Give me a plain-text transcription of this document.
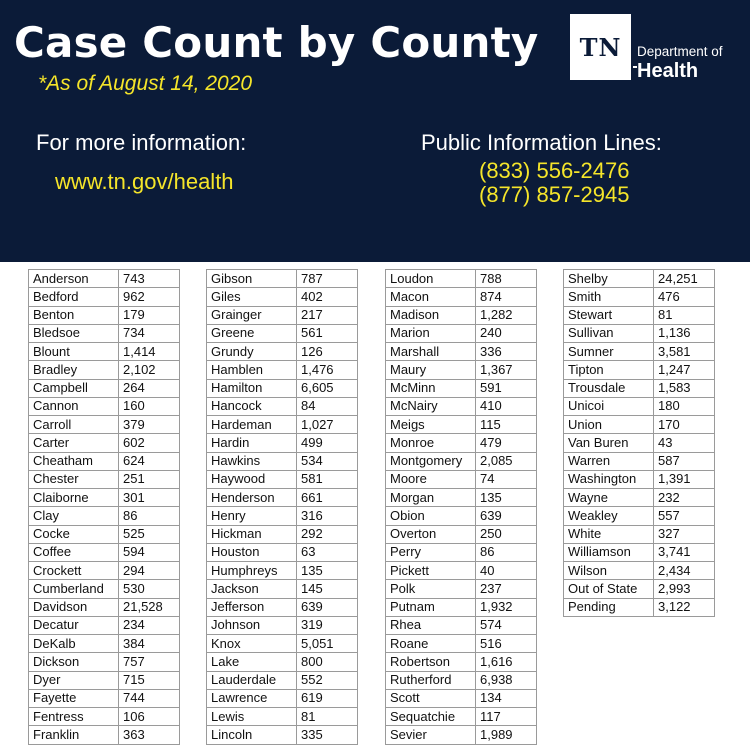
Case Count by County
*As of August 14, 2020
For more information:
www.tn.gov/health
Public Information Lines:
(833) 556-2476
(877) 857-2945
TN	Department of
Health
Anderson	743
Bedford	962
Benton	179
Bledsoe	734
Blount	1,414
Bradley	2,102
Campbell	264
Cannon	160
Carroll	379
Carter	602
Cheatham	624
Chester	251
Claiborne	301
Clay	86
Cocke	525
Coffee	594
Crockett	294
Cumberland	530
Davidson	21,528
Decatur	234
DeKalb	384
Dickson	757
Dyer	715
Fayette	744
Fentress	106
Franklin	363
Gibson	787
Giles	402
Grainger	217
Greene	561
Grundy	126
Hamblen	1,476
Hamilton	6,605
Hancock	84
Hardeman	1,027
Hardin	499
Hawkins	534
Haywood	581
Henderson	661
Henry	316
Hickman	292
Houston	63
Humphreys	135
Jackson	145
Jefferson	639
Johnson	319
Knox	5,051
Lake	800
Lauderdale	552
Lawrence	619
Lewis	81
Lincoln	335
Loudon	788
Macon	874
Madison	1,282
Marion	240
Marshall	336
Maury	1,367
McMinn	591
McNairy	410
Meigs	115
Monroe	479
Montgomery	2,085
Moore	74
Morgan	135
Obion	639
Overton	250
Perry	86
Pickett	40
Polk	237
Putnam	1,932
Rhea	574
Roane	516
Robertson	1,616
Rutherford	6,938
Scott	134
Sequatchie	117
Sevier	1,989
Shelby	24,251
Smith	476
Stewart	81
Sullivan	1,136
Sumner	3,581
Tipton	1,247
Trousdale	1,583
Unicoi	180
Union	170
Van Buren	43
Warren	587
Washington	1,391
Wayne	232
Weakley	557
White	327
Williamson	3,741
Wilson	2,434
Out of State	2,993
Pending	3,122
